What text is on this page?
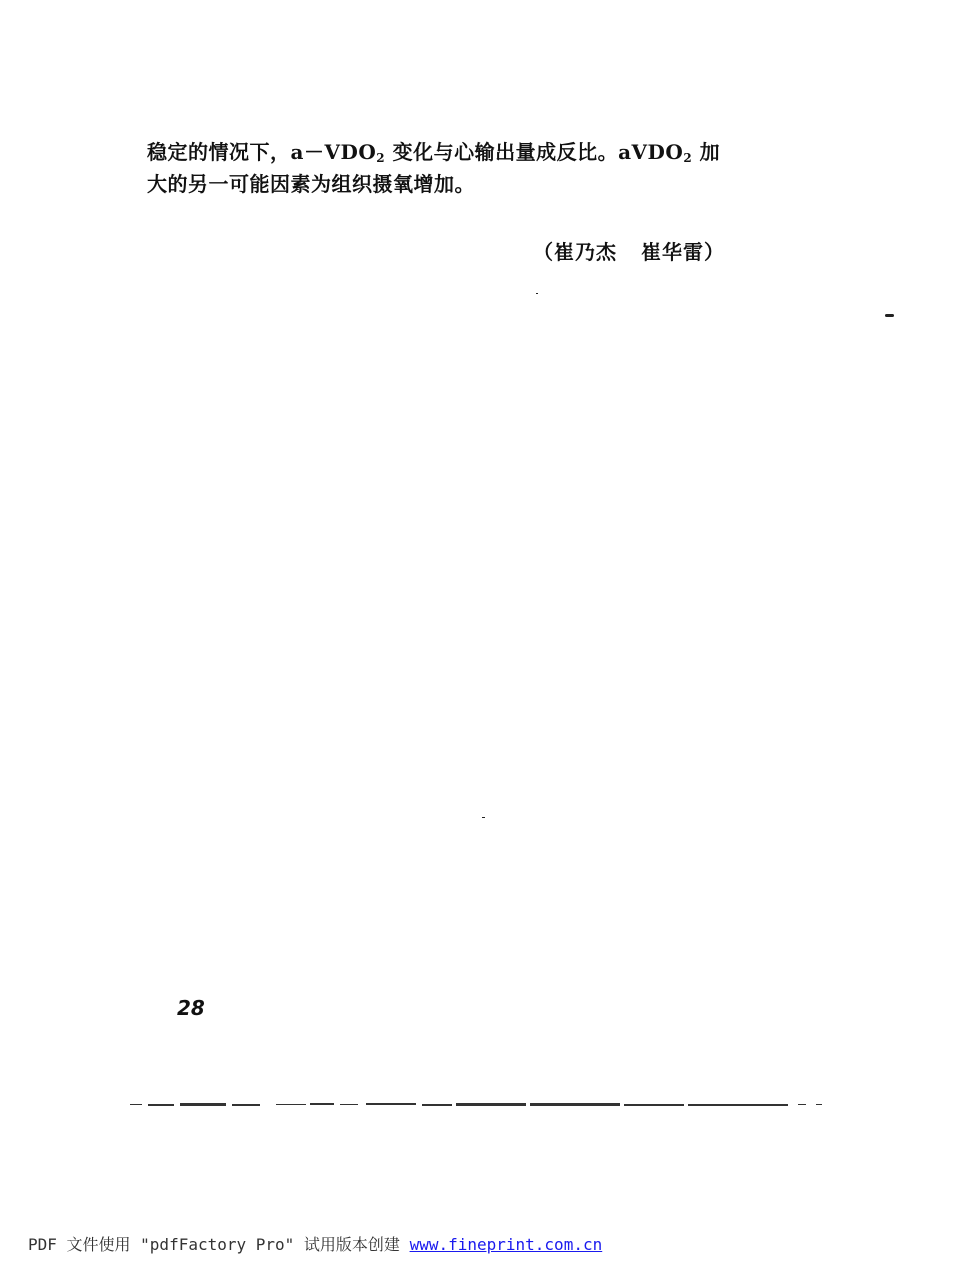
稳定的情况下，$a-VDO_2$ 变化与心输出量成反比。aVDO$_2$ 加

大的另一可能因素为组织摄氧增加。

（崔乃杰 崔华雷）
28
PDF 文件使用 "pdfFactory Pro" 试用版本创建 www.fineprint.com.cn
